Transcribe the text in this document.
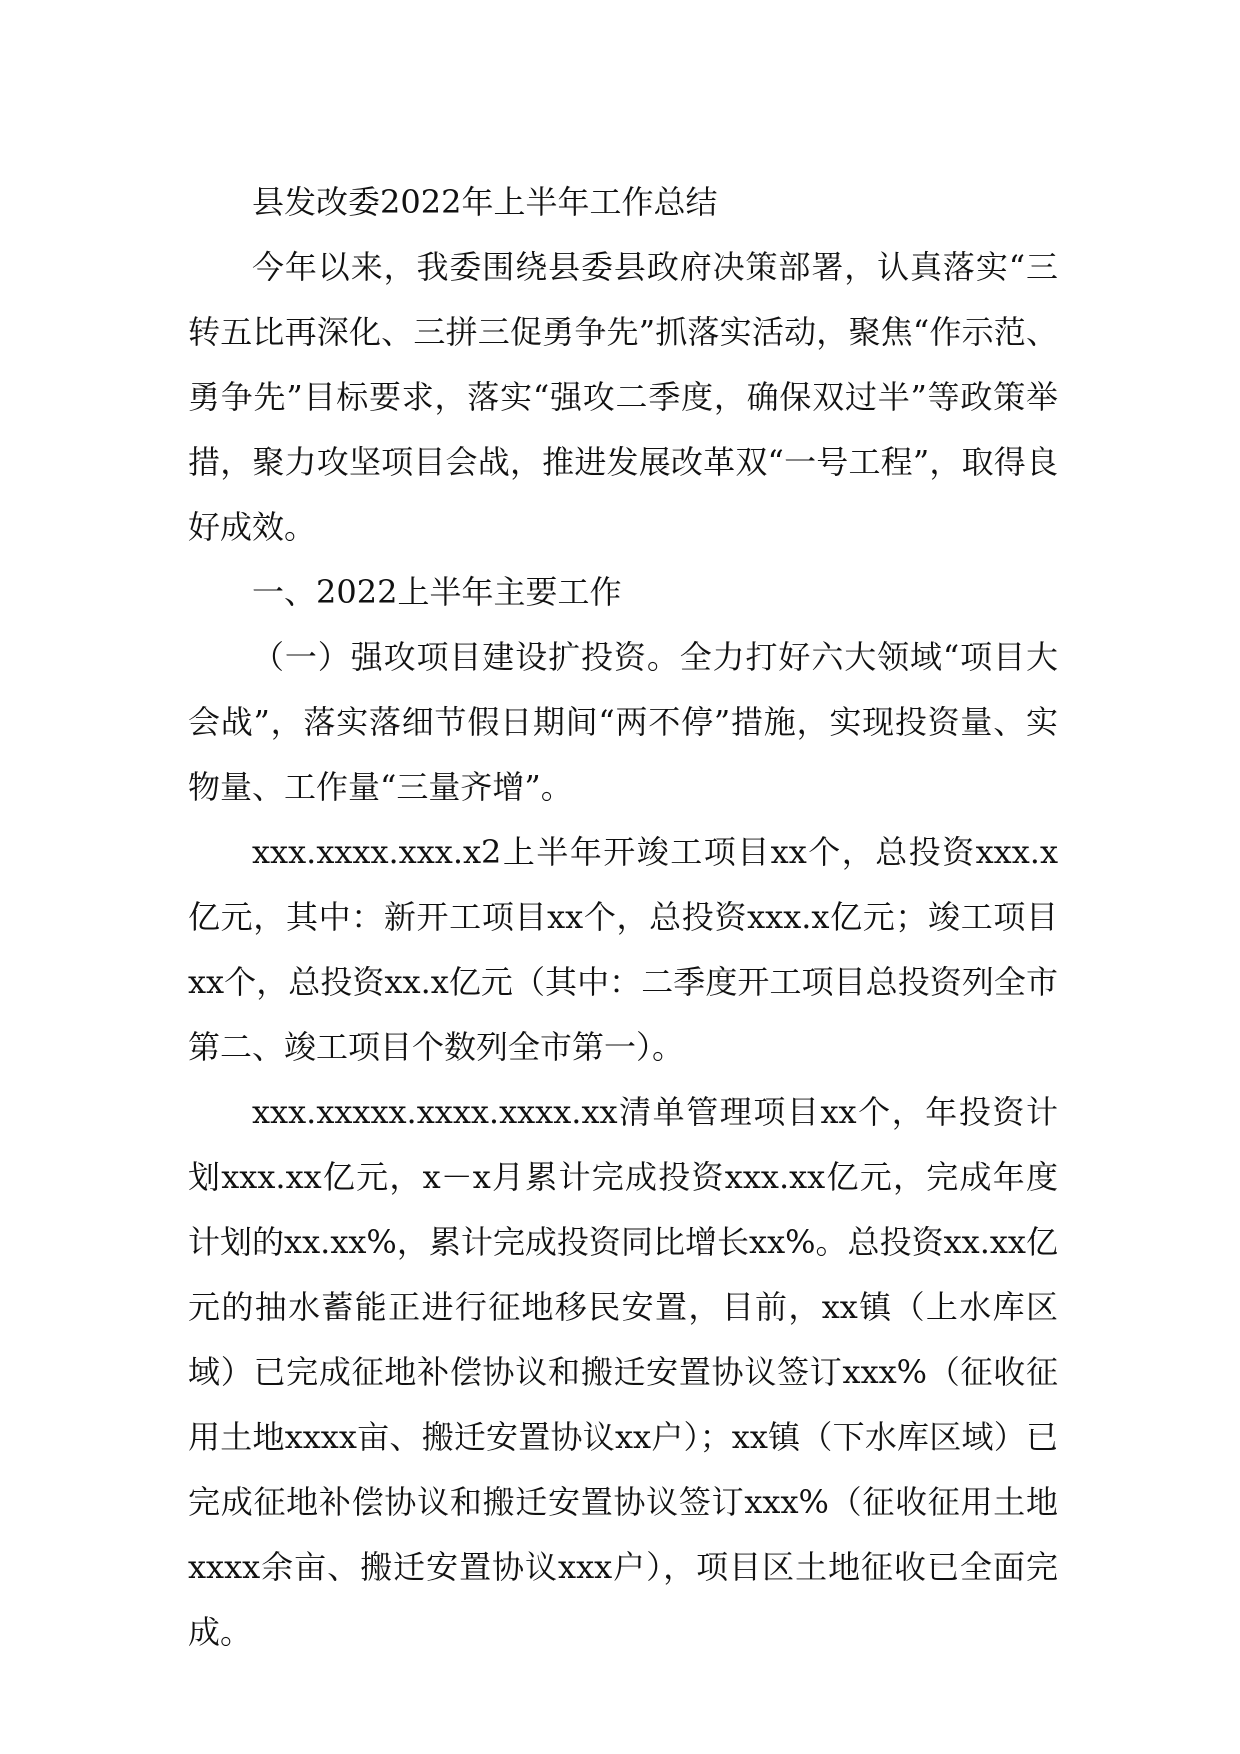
县发改委2022年上半年工作总结

今年以来，我委围绕县委县政府决策部署，认真落实“三转五比再深化、三拼三促勇争先”抓落实活动，聚焦“作示范、勇争先”目标要求，落实“强攻二季度，确保双过半”等政策举措，聚力攻坚项目会战，推进发展改革双“一号工程”，取得良好成效。

一、2022上半年主要工作

（一）强攻项目建设扩投资。全力打好六大领域“项目大会战”，落实落细节假日期间“两不停”措施，实现投资量、实物量、工作量“三量齐增”。

xxx.xxxx.xxx.x2上半年开竣工项目xx个，总投资xxx.x亿元，其中：新开工项目xx个，总投资xxx.x亿元；竣工项目xx个，总投资xx.x亿元（其中：二季度开工项目总投资列全市第二、竣工项目个数列全市第一）。

xxx.xxxxx.xxxx.xxxx.xx清单管理项目xx个，年投资计划xxx.xx亿元，x－x月累计完成投资xxx.xx亿元，完成年度计划的xx.xx%，累计完成投资同比增长xx%。总投资xx.xx亿元的抽水蓄能正进行征地移民安置，目前，xx镇（上水库区域）已完成征地补偿协议和搬迁安置协议签订xxx%（征收征用土地xxxx亩、搬迁安置协议xx户）；xx镇（下水库区域）已完成征地补偿协议和搬迁安置协议签订xxx%（征收征用土地xxxx余亩、搬迁安置协议xxx户），项目区土地征收已全面完成。
